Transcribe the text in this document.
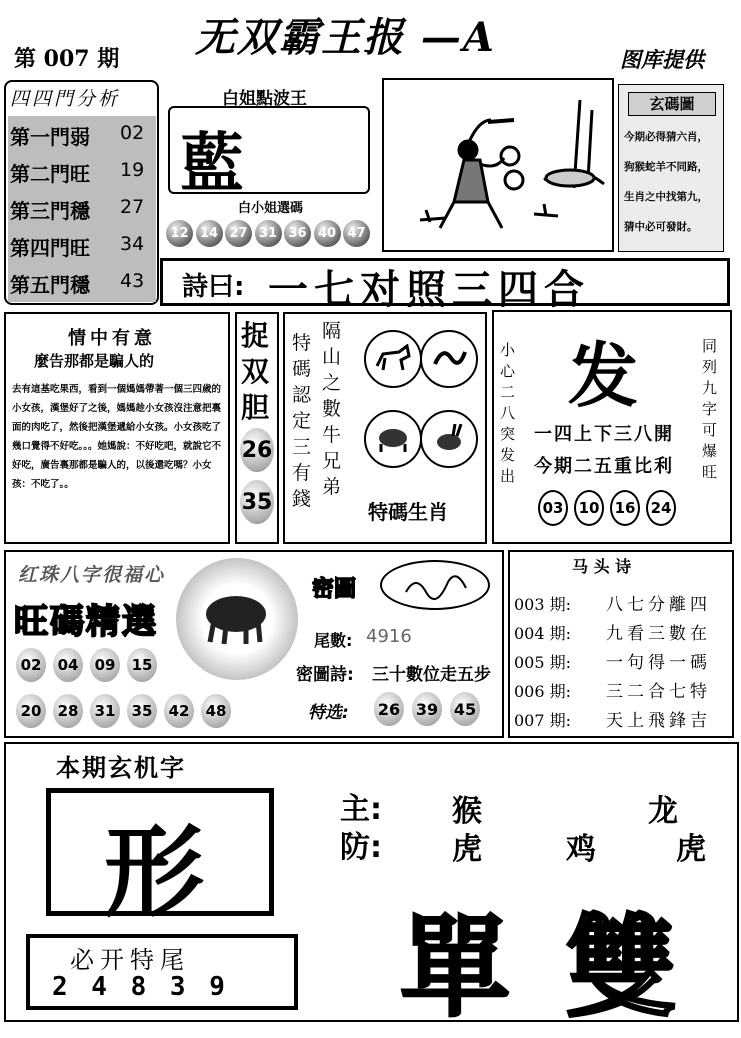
无双霸王报 —A
第 007 期	图库提供
四四門分析
第一門弱 02
第二門旺 19
第三門穩 27
第四門旺 34
第五門穩 43
白姐點波王
藍
白小姐選碼
12 14 27 31 36 40 47
玄碼圖
今期必得猜六肖，
狗猴蛇羊不同路，
生肖之中找第九，
猜中必可發財。
詩曰: 一七对照三四合
情中有意
麼告那都是騙人的
去有這基吃果西，看到一個媽媽帶著一個三四歲的小女孩，漢堡好了之後，媽媽趁小女孩沒注意把裏面的肉吃了，然後把漢堡遞給小女孩。小女孩吃了幾口覺得不好吃。。。她媽說：不好吃吧，就說它不好吃，廣告裏那都是騙人的，以後還吃嗎？小女孩：不吃了。。
捉双胆
26
35
特碼認定三有錢
隔山之數牛兄弟
特碼生肖
发
小心二八突发出
同列九字可爆旺
一四上下三八開
今期二五重比利
03	10	16	24
红珠八字很福心
旺碼精選
02	04	09	15
20	28	31	35	42	48
密圖
尾數: 4916
密圖詩: 三十數位走五步
特选: 26 39 45
马 头 诗
003 期: 八七分離四
004 期: 九看三數在
005 期: 一句得一碼
006 期: 三二合七特
007 期: 天上飛鋒吉
本期玄机字
形
必开特尾
2 4 8 3 9
主: 猴	龙
防: 虎	鸡	虎
單 雙
